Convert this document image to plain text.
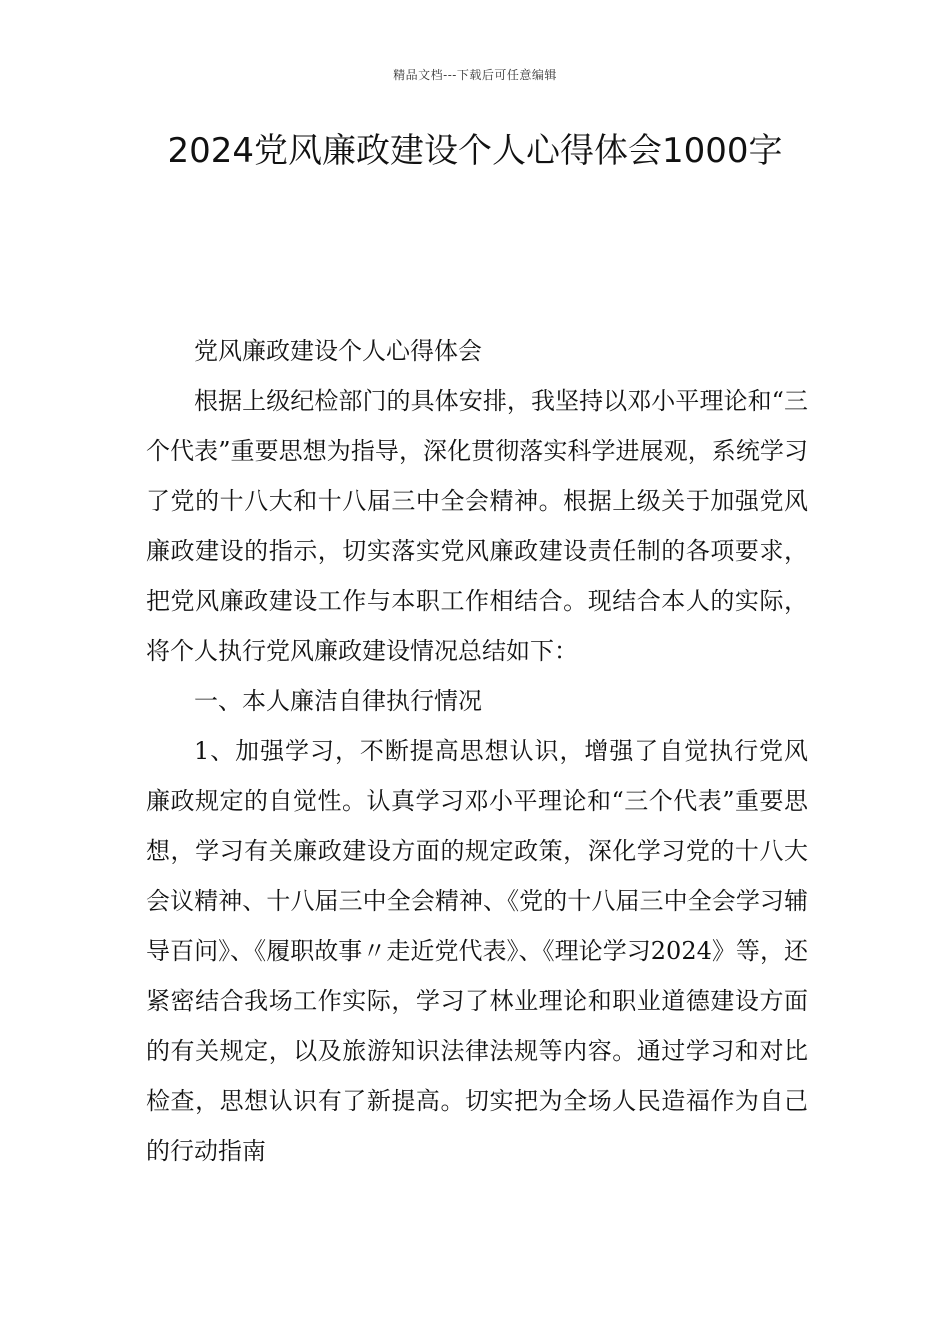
精品文档---下载后可任意编辑
2024党风廉政建设个人心得体会1000字

党风廉政建设个人心得体会

根据上级纪检部门的具体安排，我坚持以邓小平理论和“三个代表”重要思想为指导，深化贯彻落实科学进展观，系统学习了党的十八大和十八届三中全会精神。根据上级关于加强党风廉政建设的指示，切实落实党风廉政建设责任制的各项要求，把党风廉政建设工作与本职工作相结合。现结合本人的实际，将个人执行党风廉政建设情况总结如下：

一、本人廉洁自律执行情况

1、加强学习，不断提高思想认识，增强了自觉执行党风廉政规定的自觉性。认真学习邓小平理论和“三个代表”重要思想，学习有关廉政建设方面的规定政策，深化学习党的十八大会议精神、十八届三中全会精神、《党的十八届三中全会学习辅导百问》、《履职故事〃走近党代表》、《理论学习2024》等，还紧密结合我场工作实际，学习了林业理论和职业道德建设方面的有关规定，以及旅游知识法律法规等内容。通过学习和对比检查，思想认识有了新提高。切实把为全场人民造福作为自己的行动指南
